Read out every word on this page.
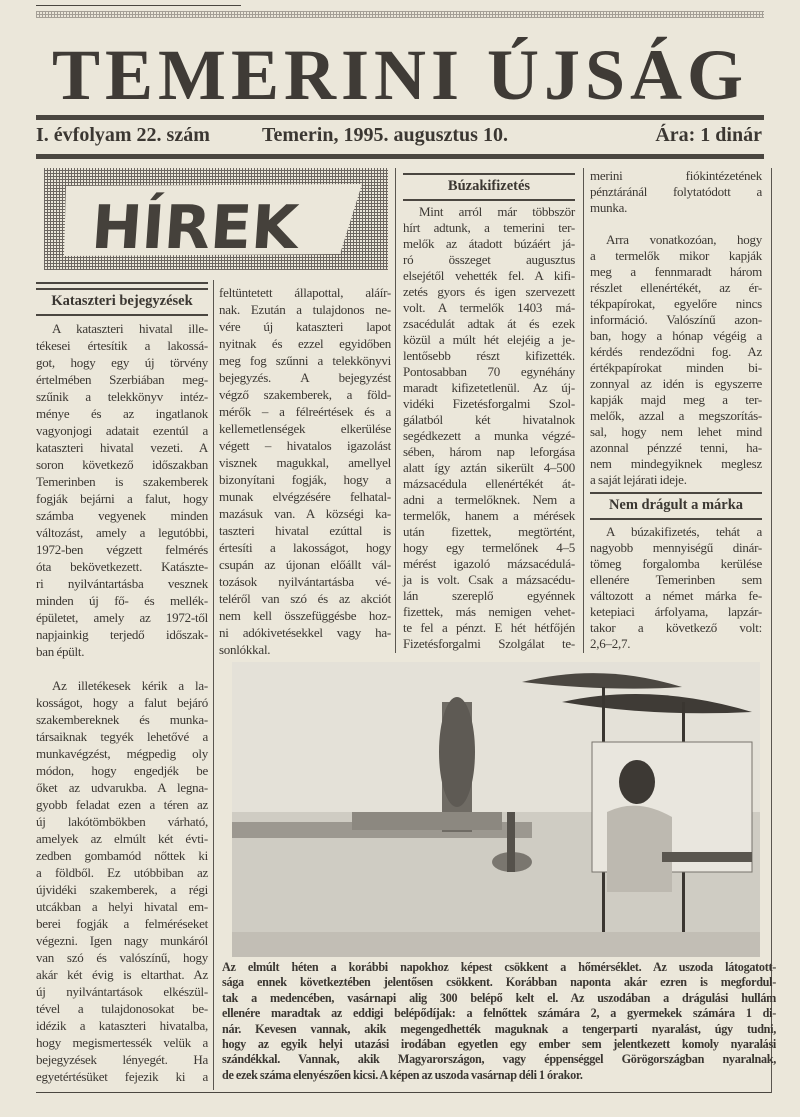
TEMERINI ÚJSÁG
I. évfolyam 22. szám	Temerin, 1995. augusztus 10.	Ára: 1 dinár
HÍREK
Kataszteri bejegyzések
A kataszteri hivatal ille-
tékesei értesítik a lakossá-
got, hogy egy új törvény
értelmében Szerbiában meg-
szűnik a telekkönyv intéz-
ménye és az ingatlanok
vagyonjogi adatait ezentúl a
kataszteri hivatal vezeti. A
soron következő időszakban
Temerinben is szakemberek
fogják bejárni a falut, hogy
számba vegyenek minden
változást, amely a legutóbbi,
1972-ben végzett felmérés
óta bekövetkezett. Katászte-
ri nyilvántartásba vesznek
minden új fő- és mellék-
épületet, amely az 1972-től
napjainkig terjedő időszak-
ban épült.
Az illetékesek kérik a la-
kosságot, hogy a falut bejáró
szakembereknek és munka-
társaiknak tegyék lehetővé a
munkavégzést, mégpedig oly
módon, hogy engedjék be
őket az udvarukba. A legna-
gyobb feladat ezen a téren az
új lakótömbökben várható,
amelyek az elmúlt két évti-
zedben gombamód nőttek ki
a földből. Ez utóbbiban az
újvidéki szakemberek, a régi
utcákban a helyi hivatal em-
berei fogják a felméréseket
végezni. Igen nagy munkáról
van szó és valószínű, hogy
akár két évig is eltarthat. Az
új nyilvántartások elkészül-
tével a tulajdonosokat be-
idézik a kataszteri hivatalba,
hogy megismertessék velük a
bejegyzések lényegét. Ha
egyetértésüket fejezik ki a
feltüntetett állapottal, aláír-
nak. Ezután a tulajdonos ne-
vére új kataszteri lapot
nyitnak és ezzel egyidőben
meg fog szűnni a telekkönyvi
bejegyzés. A bejegyzést
végző szakemberek, a föld-
mérők – a félreértések és a
kellemetlenségek elkerülése
végett – hivatalos igazolást
visznek magukkal, amellyel
bizonyítani fogják, hogy a
munak elvégzésére felhatal-
mazásuk van. A községi ka-
taszteri hivatal ezúttal is
értesíti a lakosságot, hogy
csupán az újonan előállt vál-
tozások nyilvántartásba vé-
teléről van szó és az akciót
nem kell összefüggésbe hoz-
ni adókivetésekkel vagy ha-
sonlókkal.
Búzakifizetés
Mint arról már többször
hírt adtunk, a temerini ter-
melők az átadott búzáért já-
ró összeget augusztus
elsejétől vehették fel. A kifi-
zetés gyors és igen szervezett
volt. A termelők 1403 má-
zsacédulát adtak át és ezek
közül a múlt hét elejéig a je-
lentősebb részt kifizették.
Pontosabban 70 egynéhány
maradt kifizetetlenül. Az új-
vidéki Fizetésforgalmi Szol-
gálatból két hivatalnok
segédkezett a munka végzé-
sében, három nap leforgása
alatt így aztán sikerült 4–500
mázsacédula ellenértékét át-
adni a termelőknek. Nem a
termelők, hanem a mérések
után fizettek, megtörtént,
hogy egy termelőnek 4–5
mérést igazoló mázsacédulá-
ja is volt. Csak a mázsacédu-
lán szereplő egyénnek
fizettek, más nemigen vehet-
te fel a pénzt. E hét hétfőjén
Fizetésforgalmi Szolgálat te-
merini fiókintézetének
pénztáránál folytatódott a
munka.
Arra vonatkozóan, hogy
a termelők mikor kapják
meg a fennmaradt három
részlet ellenértékét, az ér-
tékpapírokat, egyelőre nincs
információ. Valószínű azon-
ban, hogy a hónap végéig a
kérdés rendeződni fog. Az
értékpapírokat minden bi-
zonnyal az idén is egyszerre
kapják majd meg a ter-
melők, azzal a megszorítás-
sal, hogy nem lehet mind
azonnal pénzzé tenni, ha-
nem mindegyiknek meglesz
a saját lejárati ideje.
Nem drágult a márka
A búzakifizetés, tehát a
nagyobb mennyiségű dinár-
tömeg forgalomba kerülése
ellenére Temerinben sem
változott a német márka fe-
ketepiaci árfolyama, lapzár-
takor a következő volt:
2,6–2,7.
Az elmúlt héten a korábbi napokhoz képest csökkent a hőmérséklet. Az uszoda látogatott-
sága ennek következtében jelentősen csökkent. Korábban naponta akár ezren is megfordul-
tak a medencében, vasárnapi alig 300 belépő kelt el. Az uszodában a drágulási hullám
ellenére maradtak az eddigi belépődíjak: a felnőttek számára 2, a gyermekek számára 1 di-
nár. Kevesen vannak, akik megengedhették maguknak a tengerparti nyaralást, úgy tudni,
hogy az egyik helyi utazási irodában egyetlen egy ember sem jelentkezett komoly nyaralási
szándékkal. Vannak, akik Magyarországon, vagy éppenséggel Görögországban nyaralnak,
de ezek száma elenyészően kicsi. A képen az uszoda vasárnap déli 1 órakor.
